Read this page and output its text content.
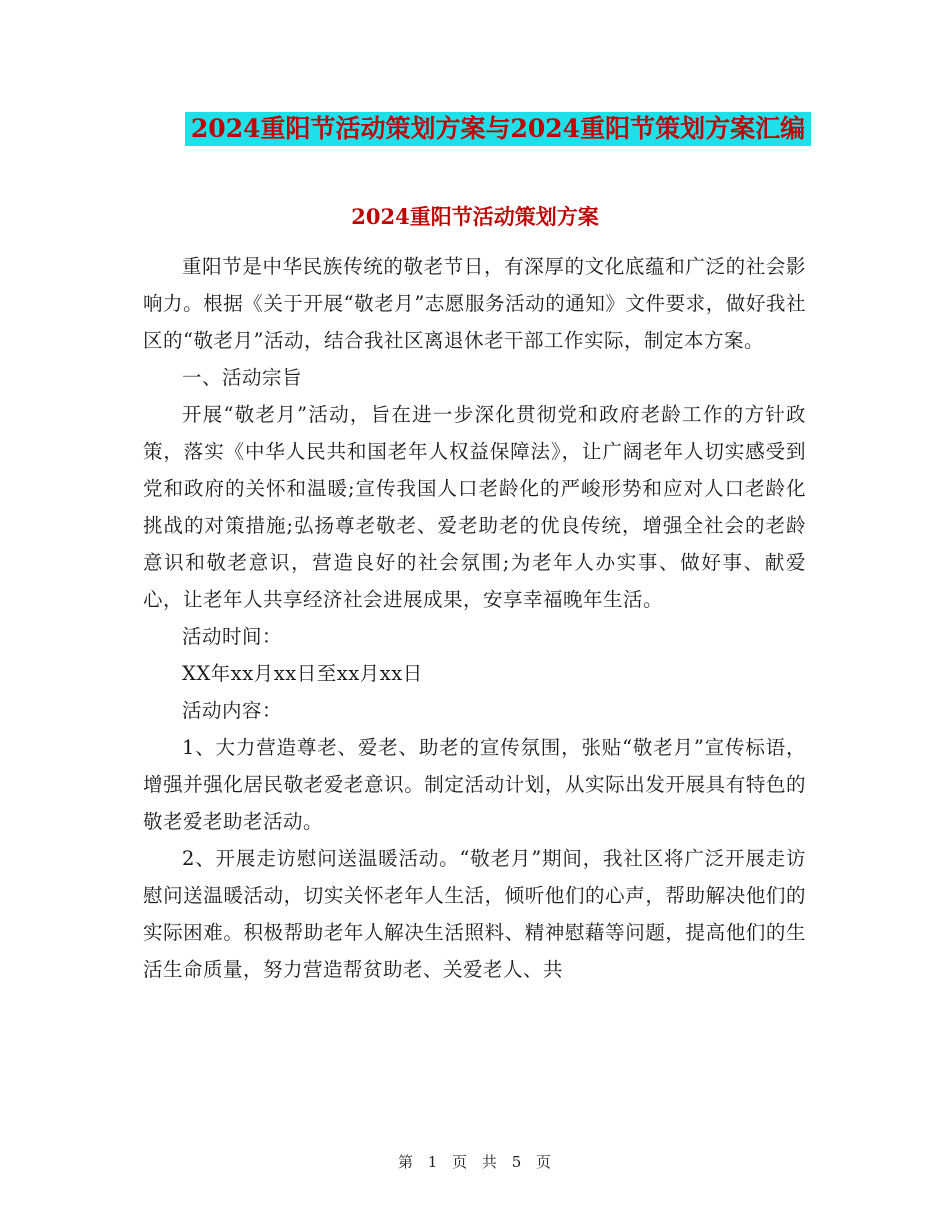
2024重阳节活动策划方案与2024重阳节策划方案汇编
2024重阳节活动策划方案

重阳节是中华民族传统的敬老节日，有深厚的文化底蕴和广泛的社会影响力。根据《关于开展“敬老月”志愿服务活动的通知》文件要求，做好我社区的“敬老月”活动，结合我社区离退休老干部工作实际，制定本方案。

一、活动宗旨

开展“敬老月”活动，旨在进一步深化贯彻党和政府老龄工作的方针政策，落实《中华人民共和国老年人权益保障法》，让广阔老年人切实感受到党和政府的关怀和温暖;宣传我国人口老龄化的严峻形势和应对人口老龄化挑战的对策措施;弘扬尊老敬老、爱老助老的优良传统，增强全社会的老龄意识和敬老意识，营造良好的社会氛围;为老年人办实事、做好事、献爱心，让老年人共享经济社会进展成果，安享幸福晚年生活。

活动时间：

XX年xx月xx日至xx月xx日

活动内容：

1、大力营造尊老、爱老、助老的宣传氛围，张贴“敬老月”宣传标语，增强并强化居民敬老爱老意识。制定活动计划，从实际出发开展具有特色的敬老爱老助老活动。

2、开展走访慰问送温暖活动。“敬老月”期间，我社区将广泛开展走访慰问送温暖活动，切实关怀老年人生活，倾听他们的心声，帮助解决他们的实际困难。积极帮助老年人解决生活照料、精神慰藉等问题，提高他们的生活生命质量，努力营造帮贫助老、关爱老人、共

第 1 页 共 5 页
